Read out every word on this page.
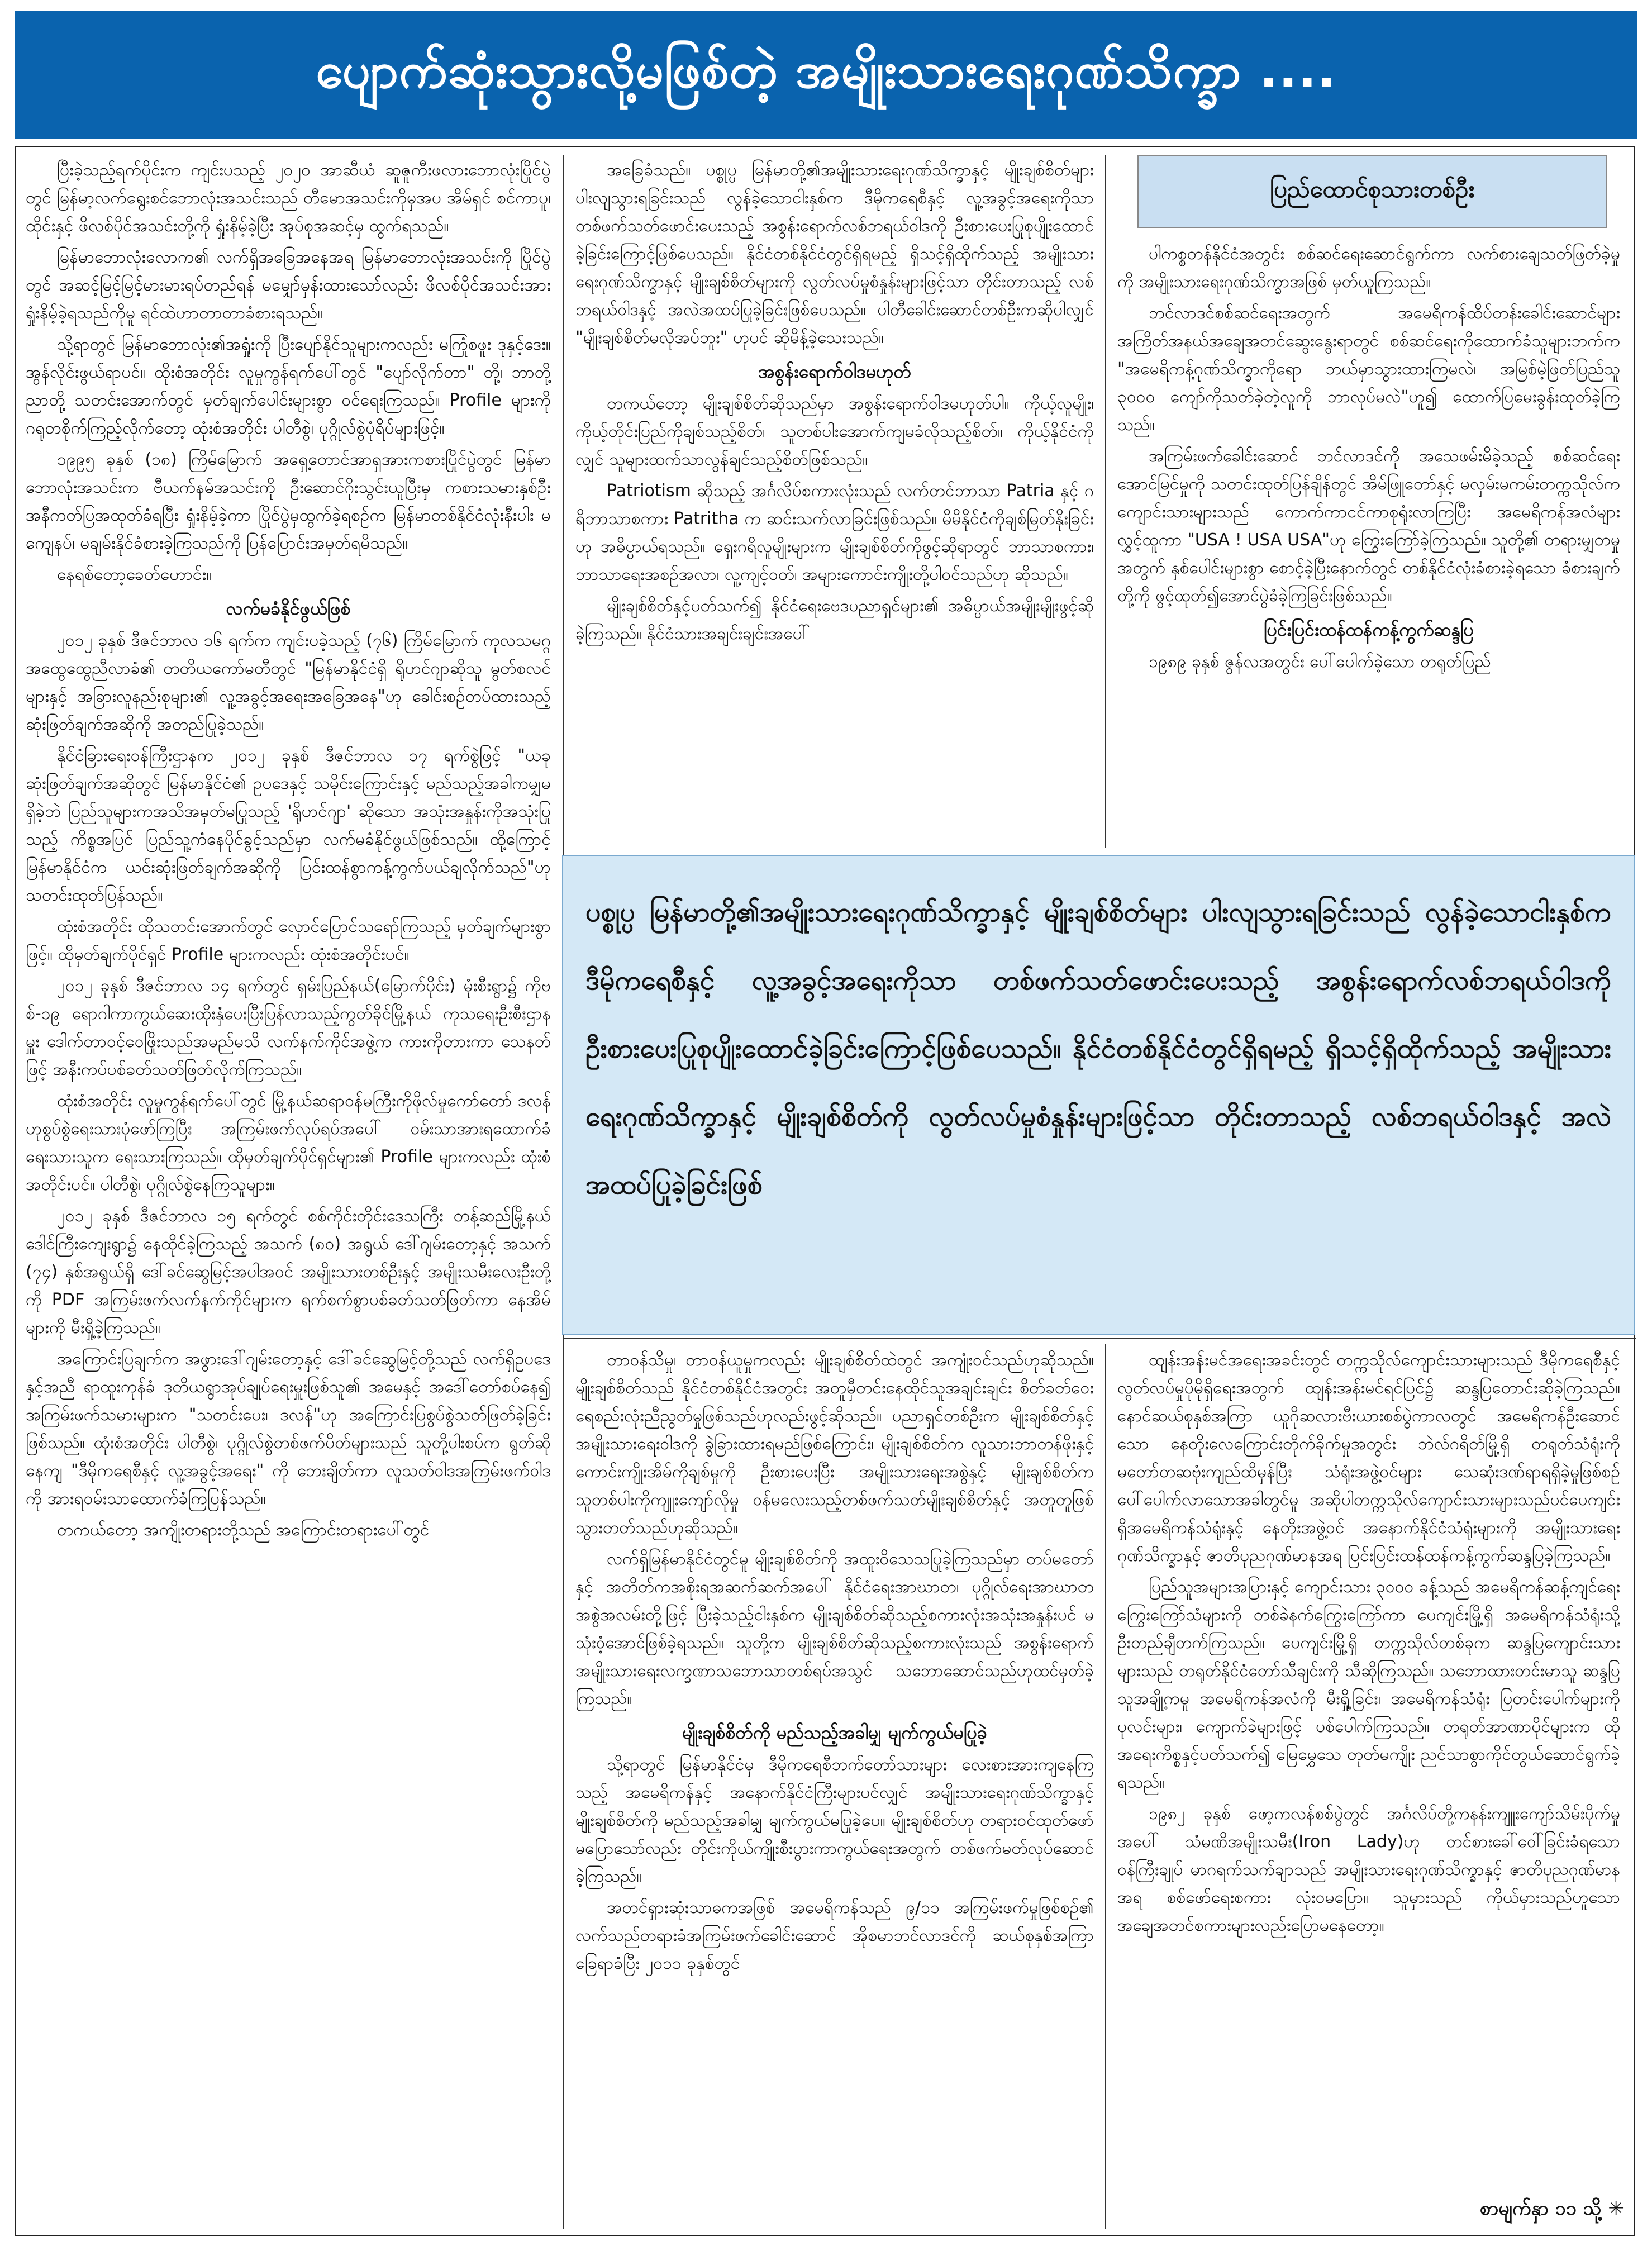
ပျောက်ဆုံးသွားလို့မဖြစ်တဲ့ အမျိုးသားရေးဂုဏ်သိက္ခာ ....
ပြည်ထောင်စုသားတစ်ဦး

ပြီးခဲ့သည့်ရက်ပိုင်းက ကျင်းပသည့် ၂၀၂၀ အာဆီယံ ဆူဇူကီးဖလားဘောလုံးပြိုင်ပွဲတွင် မြန်မာ့လက်ရွေးစင်ဘောလုံးအသင်းသည် တီမောအသင်းကိုမှအပ အိမ်ရှင် စင်ကာပူ၊ ထိုင်းနှင့် ဖိလစ်ပိုင်အသင်းတို့ကို ရှုံးနိမ့်ခဲ့ပြီး အုပ်စုအဆင့်မှ ထွက်ရသည်။

မြန်မာဘောလုံးလောက၏ လက်ရှိအခြေအနေအရ မြန်မာဘောလုံးအသင်းကို ပြိုင်ပွဲတွင် အဆင့်မြင့်မြင့်မားမားရပ်တည်ရန် မမျှော်မှန်းထားသော်လည်း ဖိလစ်ပိုင်အသင်းအား ရှုံးနိမ့်ခဲ့ရသည်ကိုမူ ရင်ထဲဟာတာတာခံစားရသည်။

သို့ရာတွင် မြန်မာဘောလုံး၏အရှုံးကို ပြီးပျော်နိုင်သူများကလည်း မကြုံစဖူး ဒုနှင့်ဒေး။ အွန်လိုင်းဖွယ်ရာပင်။ ထိုးစံအတိုင်း လူမှုကွန်ရက်ပေါ်တွင် "ပျော်လိုက်တာ" တို့၊ ဘာတို့ညာတို့ သတင်းအောက်တွင် မှတ်ချက်ပေါင်းများစွာ ဝင်ရေးကြသည်။ Profile များကို ဂရုတစိုက်ကြည့်လိုက်တော့ ထုံးစံအတိုင်း ပါတီစွဲ၊ ပုဂ္ဂိုလ်စွဲပုံရိပ်များဖြင့်။

၁၉၉၅ ခုနှစ် (၁၈) ကြိမ်မြောက် အရှေ့တောင်အာရှအားကစားပြိုင်ပွဲတွင် မြန်မာဘောလုံးအသင်းက ဗီယက်နမ်အသင်းကို ဦးဆောင်ဂိုးသွင်းယူပြီးမှ ကစားသမားနှစ်ဦး အနီကတ်ပြအထုတ်ခံရပြီး ရှုံးနိမ့်ခဲ့ကာ ပြိုင်ပွဲမှထွက်ခဲ့ရစဉ်က မြန်မာတစ်နိုင်ငံလုံးနီးပါး မကျေနပ်၊ မချမ်းနိုင်ခံစားခဲ့ကြသည်ကို ပြန်ပြောင်းအမှတ်ရမိသည်။

နေရစ်တော့ခေတ်ဟောင်း။

လက်မခံနိုင်ဖွယ်ဖြစ်

၂၀၁၂ ခုနှစ် ဒီဇင်ဘာလ ၁၆ ရက်က ကျင်းပခဲ့သည့် (၇၆) ကြိမ်မြောက် ကုလသမဂ္ဂအထွေထွေညီလာခံ၏ တတိယကော်မတီတွင် "မြန်မာနိုင်ငံရှိ ရိုဟင်ဂျာဆိုသူ မွတ်စလင်များနှင့် အခြားလူနည်းစုများ၏ လူ့အခွင့်အရေးအခြေအနေ"ဟု ခေါင်းစဉ်တပ်ထားသည့် ဆုံးဖြတ်ချက်အဆိုကို အတည်ပြုခဲ့သည်။

နိုင်ငံခြားရေးဝန်ကြီးဌာနက ၂၀၁၂ ခုနှစ် ဒီဇင်ဘာလ ၁၇ ရက်စွဲဖြင့် "ယခုဆုံးဖြတ်ချက်အဆိုတွင် မြန်မာနိုင်ငံ၏ ဥပဒေနှင့် သမိုင်းကြောင်းနှင့် မည်သည့်အခါကမျှမရှိခဲ့ဘဲ ပြည်သူများကအသိအမှတ်မပြုသည့် 'ရိုဟင်ဂျာ' ဆိုသော အသုံးအနှုန်းကိုအသုံးပြုသည့် ကိစ္စအပြင် ပြည်သူ့ကံနေပိုင်ခွင့်သည်မှာ လက်မခံနိုင်ဖွယ်ဖြစ်သည်။ ထို့ကြောင့် မြန်မာနိုင်ငံက ယင်းဆုံးဖြတ်ချက်အဆိုကို ပြင်းထန်စွာကန့်ကွက်ပယ်ချလိုက်သည်"ဟု သတင်းထုတ်ပြန်သည်။

ထုံးစံအတိုင်း ထိုသတင်းအောက်တွင် လှောင်ပြောင်သရော်ကြသည့် မှတ်ချက်များစွာဖြင့်။ ထိုမှတ်ချက်ပိုင်ရှင် Profile များကလည်း ထုံးစံအတိုင်းပင်။

၂၀၁၂ ခုနှစ် ဒီဇင်ဘာလ ၁၄ ရက်တွင် ရှမ်းပြည်နယ်(မြောက်ပိုင်း) မုံးစီးရွာ၌ ကိုဗစ်-၁၉ ရောဂါကာကွယ်ဆေးထိုးနှံပေးပြီးပြန်လာသည့်ကွတ်ခိုင်မြို့နယ် ကုသရေးဦးစီးဌာနမှူး ဒေါက်တာဝင့်ဝေဖြိုးသည်အမည်မသိ လက်နက်ကိုင်အဖွဲ့က ကားကိုတားကာ သေနတ်ဖြင့် အနီးကပ်ပစ်ခတ်သတ်ဖြတ်လိုက်ကြသည်။

ထုံးစံအတိုင်း လူမှုကွန်ရက်ပေါ်တွင် မြို့နယ်ဆရာဝန်မကြီးကိုဖိုလ်မှုကော်တော် ဒလန်ဟုစွပ်စွဲရေးသားပုံဖော်ကြပြီး အကြမ်းဖက်လုပ်ရပ်အပေါ် ဝမ်းသာအားရထောက်ခံရေးသားသူက ရေးသားကြသည်။ ထိုမှတ်ချက်ပိုင်ရှင်များ၏ Profile များကလည်း ထုံးစံအတိုင်းပင်။ ပါတီစွဲ၊ ပုဂ္ဂိုလ်စွဲနေကြသူများ။

၂၀၁၂ ခုနှစ် ဒီဇင်ဘာလ ၁၅ ရက်တွင် စစ်ကိုင်းတိုင်းဒေသကြီး တန့်ဆည်မြို့နယ် ဒေါင်ကြီးကျေးရွာ၌ နေထိုင်ခဲ့ကြသည့် အသက် (၈၀) အရွယ် ဒေါ်ဂျမ်းတော့နှင့် အသက် (၇၄) နှစ်အရွယ်ရှိ ဒေါ်ခင်ဆွေမြင့်အပါအဝင် အမျိုးသားတစ်ဦးနှင့် အမျိုးသမီးလေးဦးတို့ကို PDF အကြမ်းဖက်လက်နက်ကိုင်များက ရက်စက်စွာပစ်ခတ်သတ်ဖြတ်ကာ နေအိမ်များကို မီးရှို့ခဲ့ကြသည်။

အကြောင်းပြချက်က အဖွားဒေါ်ဂျမ်းတော့နှင့် ဒေါ်ခင်ဆွေမြင့်တို့သည် လက်ရှိဥပဒေနှင့်အညီ ရာထူးကုန်ခံ ဒုတိယရွာအုပ်ချုပ်ရေးမှူးဖြစ်သူ၏ အမေနှင့် အဒေါ်တော်စပ်နေ၍ အကြမ်းဖက်သမားများက "သတင်းပေး၊ ဒလန်"ဟု အကြောင်းပြစွပ်စွဲသတ်ဖြတ်ခဲ့ခြင်းဖြစ်သည်။ ထုံးစံအတိုင်း ပါတီစွဲ၊ ပုဂ္ဂိုလ်စွဲတစ်ဖက်ပိတ်များသည် သူတို့ပါးစပ်က ရွတ်ဆိုနေကျ "ဒီမိုကရေစီနှင့် လူ့အခွင့်အရေး" ကို ဘေးချိတ်ကာ လူသတ်ဝါဒအကြမ်းဖက်ဝါဒကို အားရဝမ်းသာထောက်ခံကြပြန်သည်။

တကယ်တော့ အကျိုးတရားတို့သည် အကြောင်းတရားပေါ်တွင်

အခြေခံသည်။ ပစ္စုပ္ပ မြန်မာတို့၏အမျိုးသားရေးဂုဏ်သိက္ခာနှင့် မျိုးချစ်စိတ်များ ပါးလျသွားရခြင်းသည် လွန်ခဲ့သောငါးနှစ်က ဒီမိုကရေစီနှင့် လူ့အခွင့်အရေးကိုသာ တစ်ဖက်သတ်ဖောင်းပေးသည့် အစွန်းရောက်လစ်ဘရယ်ဝါဒကို ဦးစားပေးပြုစုပျိုးထောင်ခဲ့ခြင်းကြောင့်ဖြစ်ပေသည်။ နိုင်ငံတစ်နိုင်ငံတွင်ရှိရမည့် ရှိသင့်ရှိထိုက်သည့် အမျိုးသားရေးဂုဏ်သိက္ခာနှင့် မျိုးချစ်စိတ်များကို လွတ်လပ်မှုစံနှုန်းများဖြင့်သာ တိုင်းတာသည့် လစ်ဘရယ်ဝါဒနှင့် အလဲအထပ်ပြုခဲ့ခြင်းဖြစ်ပေသည်။ ပါတီခေါင်းဆောင်တစ်ဦးကဆိုပါလျှင် "မျိုးချစ်စိတ်မလိုအပ်ဘူး" ဟုပင် ဆိုမိန့်ခဲ့သေးသည်။

အစွန်းရောက်ဝါဒမဟုတ်

တကယ်တော့ မျိုးချစ်စိတ်ဆိုသည်မှာ အစွန်းရောက်ဝါဒမဟုတ်ပါ။ ကိုယ့်လူမျိုး၊ ကိုယ့်တိုင်းပြည်ကိုချစ်သည့်စိတ်၊ သူတစ်ပါးအောက်ကျမခံလိုသည့်စိတ်။ ကိုယ့်နိုင်ငံကိုလျှင် သူများထက်သာလွန်ချင်သည့်စိတ်ဖြစ်သည်။

Patriotism ဆိုသည့် အင်္ဂလိပ်စကားလုံးသည် လက်တင်ဘာသာ Patria နှင့် ဂရိဘာသာစကား Patritha က ဆင်းသက်လာခြင်းဖြစ်သည်။ မိမိနိုင်ငံကိုချစ်မြတ်နိုးခြင်းဟု အဓိပ္ပာယ်ရသည်။ ရှေးဂရိလူမျိုးများက မျိုးချစ်စိတ်ကိုဖွင့်ဆိုရာတွင် ဘာသာစကား၊ ဘာသာရေးအစဉ်အလာ၊ လူ့ကျင့်ဝတ်၊ အများကောင်းကျိုးတို့ပါဝင်သည်ဟု ဆိုသည်။

မျိုးချစ်စိတ်နှင့်ပတ်သက်၍ နိုင်ငံရေးဗေဒပညာရှင်များ၏ အဓိပ္ပာယ်အမျိုးမျိုးဖွင့်ဆိုခဲ့ကြသည်။ နိုင်ငံသားအချင်းချင်းအပေါ်

ပါကစ္စတန်နိုင်ငံအတွင်း စစ်ဆင်ရေးဆောင်ရွက်ကာ လက်စားချေသတ်ဖြတ်ခဲ့မှုကို အမျိုးသားရေးဂုဏ်သိက္ခာအဖြစ် မှတ်ယူကြသည်။

ဘင်လာဒင်စစ်ဆင်ရေးအတွက် အမေရိကန်ထိပ်တန်းခေါင်းဆောင်များ အကြိတ်အနယ်အချေအတင်ဆွေးနွေးရာတွင် စစ်ဆင်ရေးကိုထောက်ခံသူများဘက်က "အမေရိကန့်ဂုဏ်သိက္ခာကိုရော ဘယ်မှာသွားထားကြမလဲ၊ အမြစ်မဲ့ဖြတ်ပြည်သူ ၃၀၀၀ ကျော်ကိုသတ်ခဲ့တဲ့လူကို ဘာလုပ်မလဲ"ဟူ၍ ထောက်ပြမေးခွန်းထုတ်ခဲ့ကြသည်။

အကြမ်းဖက်ခေါင်းဆောင် ဘင်လာဒင်ကို အသေဖမ်းမိခဲ့သည့် စစ်ဆင်ရေးအောင်မြင်မှုကို သတင်းထုတ်ပြန်ချိန်တွင် အိမ်ဖြူတော်နှင့် မလှမ်းမကမ်းတက္ကသိုလ်က ကျောင်းသားများသည် ကောက်ကာငင်ကာစုရုံးလာကြပြီး အမေရိကန်အလံများ လွှင့်ထူကာ "USA ! USA USA"ဟု ကြွေးကြော်ခဲ့ကြသည်။ သူတို့၏ တရားမျှတမှုအတွက် နှစ်ပေါင်းများစွာ စောင့်ခဲ့ပြီးနောက်တွင် တစ်နိုင်ငံလုံးခံစားခဲ့ရသော ခံစားချက်တို့ကို ဖွင့်ထုတ်၍အောင်ပွဲခံခဲ့ကြခြင်းဖြစ်သည်။

ပြင်းပြင်းထန်ထန်ကန့်ကွက်ဆန္ဒပြ

၁၉၈၉ ခုနှစ် ဇွန်လအတွင်း ပေါ်ပေါက်ခဲ့သော တရုတ်ပြည်

ပစ္စုပ္ပ မြန်မာတို့၏အမျိုးသားရေးဂုဏ်သိက္ခာနှင့် မျိုးချစ်စိတ်များ ပါးလျသွားရခြင်းသည် လွန်ခဲ့သောငါးနှစ်က ဒီမိုကရေစီနှင့် လူ့အခွင့်အရေးကိုသာ တစ်ဖက်သတ်ဖောင်းပေးသည့် အစွန်းရောက်လစ်ဘရယ်ဝါဒကို ဦးစားပေးပြုစုပျိုးထောင်ခဲ့ခြင်းကြောင့်ဖြစ်ပေသည်။ နိုင်ငံတစ်နိုင်ငံတွင်ရှိရမည့် ရှိသင့်ရှိထိုက်သည့် အမျိုးသားရေးဂုဏ်သိက္ခာနှင့် မျိုးချစ်စိတ်ကို လွတ်လပ်မှုစံနှုန်းများဖြင့်သာ တိုင်းတာသည့် လစ်ဘရယ်ဝါဒနှင့် အလဲအထပ်ပြုခဲ့ခြင်းဖြစ်

တာဝန်သိမှု၊ တာဝန်ယူမှုကလည်း မျိုးချစ်စိတ်ထဲတွင် အကျုံးဝင်သည်ဟုဆိုသည်။ မျိုးချစ်စိတ်သည် နိုင်ငံတစ်နိုင်ငံအတွင်း အတူမှီတင်းနေထိုင်သူအချင်းချင်း စိတ်ခတ်ဝေးရေစည်းလုံးညီညွတ်မှုဖြစ်သည်ဟုလည်းဖွင့်ဆိုသည်။ ပညာရှင်တစ်ဦးက မျိုးချစ်စိတ်နှင့် အမျိုးသားရေးဝါဒကို ခွဲခြားထားရမည်ဖြစ်ကြောင်း၊ မျိုးချစ်စိတ်က လူသားဘာတန်ဖိုးနှင့် ကောင်းကျိုးအိမ်ကိုချစ်မှုကို ဦးစားပေးပြီး အမျိုးသားရေးအစွဲနှင့် မျိုးချစ်စိတ်က သူတစ်ပါးကိုကျူးကျော်လိုမှု ဝန်မလေးသည့်တစ်ဖက်သတ်မျိုးချစ်စိတ်နှင့် အတူတူဖြစ်သွားတတ်သည်ဟုဆိုသည်။

လက်ရှိမြန်မာနိုင်ငံတွင်မူ မျိုးချစ်စိတ်ကို အထူးဝိသေသပြုခဲ့ကြသည်မှာ တပ်မတော်နှင့် အတိတ်ကအစိုးရအဆက်ဆက်အပေါ် နိုင်ငံရေးအာဃာတ၊ ပုဂ္ဂိုလ်ရေးအာဃာတအစွဲအလမ်းတို့ဖြင့် ပြီးခဲ့သည့်ငါးနှစ်က မျိုးချစ်စိတ်ဆိုသည့်စကားလုံးအသုံးအနှုန်းပင် မသုံးဝံ့အောင်ဖြစ်ခဲ့ရသည်။ သူတို့က မျိုးချစ်စိတ်ဆိုသည့်စကားလုံးသည် အစွန်းရောက်အမျိုးသားရေးလက္ခဏာသဘောသာတစ်ရပ်အသွင် သဘောဆောင်သည်ဟုထင်မှတ်ခဲ့ကြသည်။

မျိုးချစ်စိတ်ကို မည်သည့်အခါမျှ မျက်ကွယ်မပြုခဲ့

သို့ရာတွင် မြန်မာနိုင်ငံမှ ဒီမိုကရေစီဘက်တော်သားများ လေးစားအားကျနေကြသည့် အမေရိကန်နှင့် အနောက်နိုင်ငံကြီးများပင်လျှင် အမျိုးသားရေးဂုဏ်သိက္ခာနှင့် မျိုးချစ်စိတ်ကို မည်သည့်အခါမျှ မျက်ကွယ်မပြုခဲ့ပေ။ မျိုးချစ်စိတ်ဟု တရားဝင်ထုတ်ဖော်မပြောသော်လည်း တိုင်းကိုယ်ကျိုးစီးပွားကာကွယ်ရေးအတွက် တစ်ဖက်မတ်လုပ်ဆောင်ခဲ့ကြသည်။

အတင်ရှားဆုံးသာဓကအဖြစ် အမေရိကန်သည် ၉/၁၁ အကြမ်းဖက်မှုဖြစ်စဉ်၏ လက်သည်တရားခံအကြမ်းဖက်ခေါင်းဆောင် အိုစမာဘင်လာဒင်ကို ဆယ်စုနှစ်အကြာခြေရာခံပြီး ၂၀၁၁ ခုနှစ်တွင်

ထျန်းအန်းမင်အရေးအခင်းတွင် တက္ကသိုလ်ကျောင်းသားများသည် ဒီမိုကရေစီနှင့်လွတ်လပ်မှုပိုမိုရှိရေးအတွက် ထျန်းအန်းမင်ရင်ပြင်၌ ဆန္ဒပြတောင်းဆိုခဲ့ကြသည်။ နောင်ဆယ်စုနှစ်အကြာ ယူဂိုဆလားဗီးယားစစ်ပွဲကာလတွင် အမေရိကန်ဦးဆောင်သော နေတိုးလေကြောင်းတိုက်ခိုက်မှုအတွင်း ဘဲလ်ဂရိတ်မြို့ရှိ တရုတ်သံရုံးကိုမတော်တဆဗုံးကျည်ထိမှန်ပြီး သံရုံးအဖွဲ့ဝင်များ သေဆုံးဒဏ်ရာရရှိခဲ့မှုဖြစ်စဉ်ပေါ်ပေါက်လာသောအခါတွင်မူ အဆိုပါတက္ကသိုလ်ကျောင်းသားများသည်ပင်ပေကျင်းရှိအမေရိကန်သံရုံးနှင့် နေတိုးအဖွဲ့ဝင် အနောက်နိုင်ငံသံရုံးများကို အမျိုးသားရေးဂုဏ်သိက္ခာနှင့် ဇာတိပုညဂုဏ်မာနအရ ပြင်းပြင်းထန်ထန်ကန့်ကွက်ဆန္ဒပြခဲ့ကြသည်။

ပြည်သူအများအပြားနှင့် ကျောင်းသား ၃၀၀၀ ခန့်သည် အမေရိကန်ဆန့်ကျင်ရေး ကြွေးကြော်သံများကို တစ်ခဲနက်ကြွေးကြော်ကာ ပေကျင်းမြို့ရှိ အမေရိကန်သံရုံးသို့ ဦးတည်ချီတက်ကြသည်။ ပေကျင်းမြို့ရှိ တက္ကသိုလ်တစ်ခုက ဆန္ဒပြကျောင်းသားများသည် တရုတ်နိုင်ငံတော်သီချင်းကို သီဆိုကြသည်။ သဘောထားတင်းမာသူ ဆန္ဒပြသူအချို့ကမူ အမေရိကန်အလံကို မီးရှို့ခြင်း၊ အမေရိကန်သံရုံး ပြတင်းပေါက်များကို ပုလင်းများ၊ ကျောက်ခဲများဖြင့် ပစ်ပေါက်ကြသည်။ တရုတ်အာဏာပိုင်များက ထိုအရေးကိစ္စနှင့်ပတ်သက်၍ မြေမွှေသေ တုတ်မကျိုး ညင်သာစွာကိုင်တွယ်ဆောင်ရွက်ခဲ့ရသည်။

၁၉၈၂ ခုနှစ် ဖော့ကလန်စစ်ပွဲတွင် အင်္ဂလိပ်တို့ကနန်းကျူးကျော်သိမ်းပိုက်မှုအပေါ် သံမဏိအမျိုးသမီး(Iron Lady)ဟု တင်စားခေါ်ဝေါ်ခြင်းခံရသော ဝန်ကြီးချုပ် မာဂရက်သက်ချာသည် အမျိုးသားရေးဂုဏ်သိက္ခာနှင့် ဇာတိပုညဂုဏ်မာနအရ စစ်ဖော်ရေးစကား လုံးဝမပြော။ သူမှားသည် ကိုယ်မှားသည်ဟူသော အချေအတင်စကားများလည်းပြောမနေတော့။

စာမျက်နှာ ၁၁ သို့ ✳
